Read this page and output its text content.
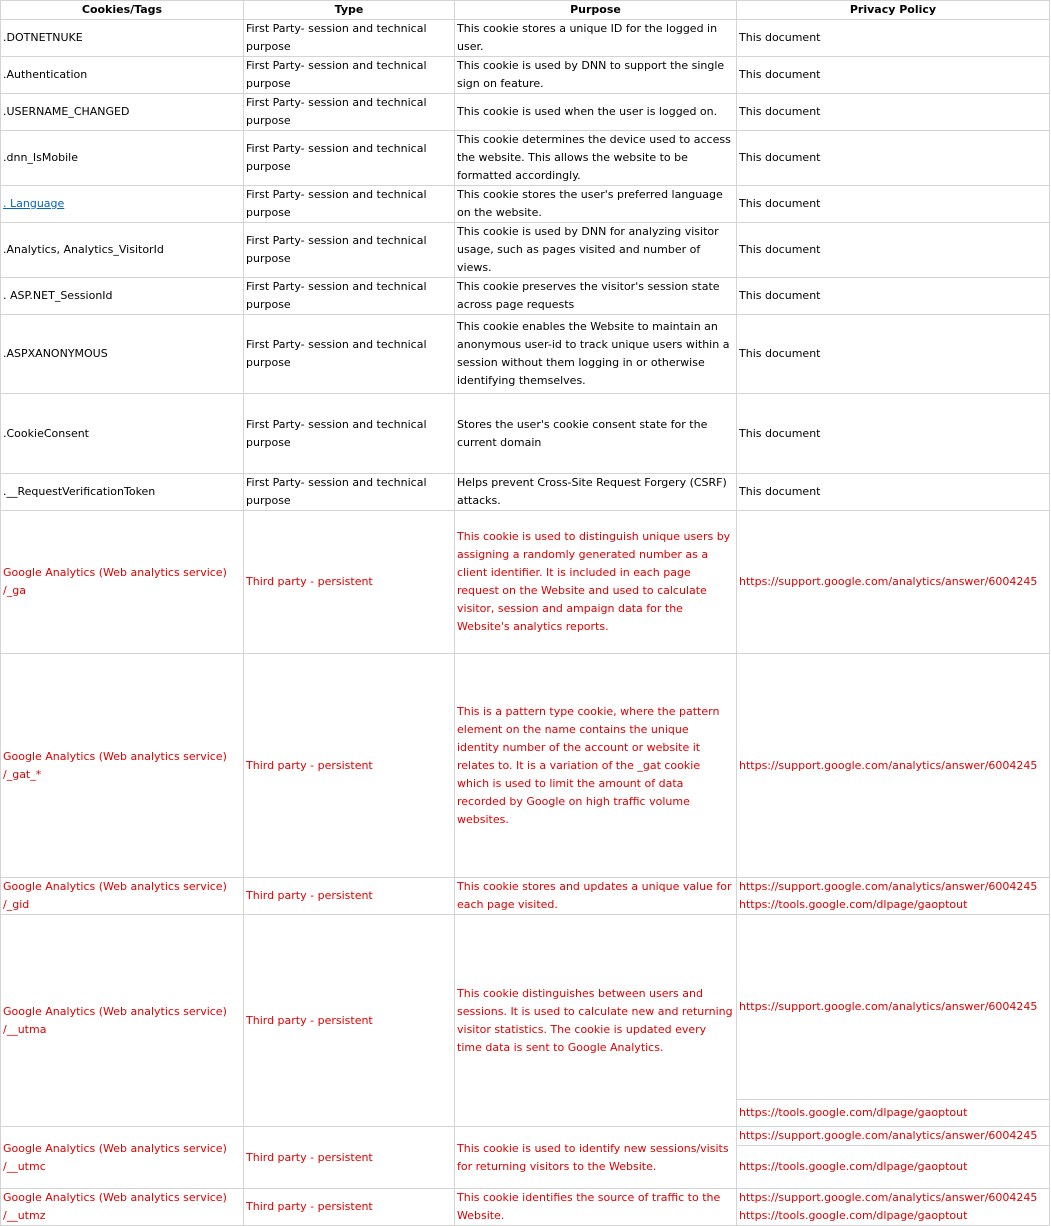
Cookies/Tags	Type	Purpose	Privacy Policy
.DOTNETNUKE	First Party- session and technical purpose	This cookie stores a unique ID for the logged in user.	This document
.Authentication	First Party- session and technical purpose	This cookie is used by DNN to support the single sign on feature.	This document
.USERNAME_CHANGED	First Party- session and technical purpose	This cookie is used when the user is logged on.	This document
.dnn_IsMobile	First Party- session and technical purpose	This cookie determines the device used to access the website. This allows the website to be formatted accordingly.	This document
. Language	First Party- session and technical purpose	This cookie stores the user's preferred language on the website.	This document
.Analytics, Analytics_VisitorId	First Party- session and technical purpose	This cookie is used by DNN for analyzing visitor usage, such as pages visited and number of views.	This document
. ASP.NET_SessionId	First Party- session and technical purpose	This cookie preserves the visitor's session state across page requests	This document
.ASPXANONYMOUS	First Party- session and technical purpose	This cookie enables the Website to maintain an anonymous user-id to track unique users within a session without them logging in or otherwise identifying themselves.	This document
.CookieConsent	First Party- session and technical purpose	Stores the user's cookie consent state for the current domain	This document
.__RequestVerificationToken	First Party- session and technical purpose	Helps prevent Cross-Site Request Forgery (CSRF) attacks.	This document
Google Analytics (Web analytics service) /_ga	Third party - persistent	This cookie is used to distinguish unique users by assigning a randomly generated number as a client identifier. It is included in each page request on the Website and used to calculate visitor, session and ampaign data for the Website's analytics reports.	https://support.google.com/analytics/answer/6004245
Google Analytics (Web analytics service) /_gat_*	Third party - persistent	This is a pattern type cookie, where the pattern element on the name contains the unique identity number of the account or website it relates to. It is a variation of the _gat cookie which is used to limit the amount of data recorded by Google on high traffic volume websites.	https://support.google.com/analytics/answer/6004245
Google Analytics (Web analytics service) /_gid	Third party - persistent	This cookie stores and updates a unique value for each page visited.	https://support.google.com/analytics/answer/6004245
https://tools.google.com/dlpage/gaoptout

Google Analytics (Web analytics service) /__utma	Third party - persistent	This cookie distinguishes between users and sessions. It is used to calculate new and returning visitor statistics. The cookie is updated every time data is sent to Google Analytics.	https://support.google.com/analytics/answer/6004245
https://tools.google.com/dlpage/gaoptout

Google Analytics (Web analytics service) /__utmc	Third party - persistent	This cookie is used to identify new sessions/visits for returning visitors to the Website.	https://support.google.com/analytics/answer/6004245
https://tools.google.com/dlpage/gaoptout

Google Analytics (Web analytics service) /__utmz	Third party - persistent	This cookie identifies the source of traffic to the Website.	https://support.google.com/analytics/answer/6004245
https://tools.google.com/dlpage/gaoptout
